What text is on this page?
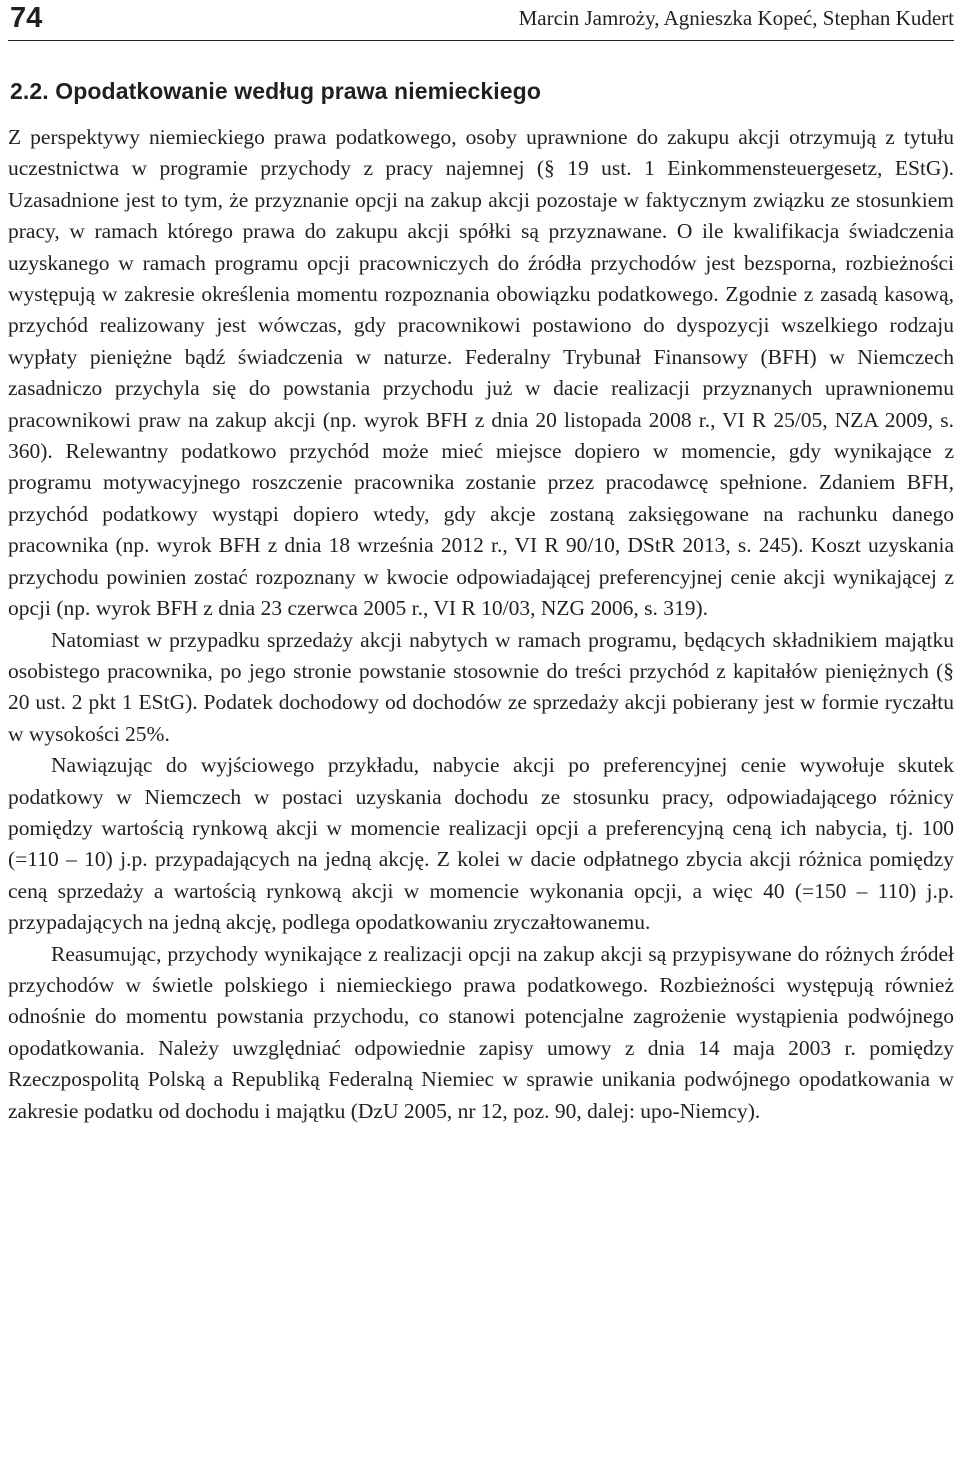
74	Marcin Jamroży, Agnieszka Kopeć, Stephan Kudert
2.2. Opodatkowanie według prawa niemieckiego

Z perspektywy niemieckiego prawa podatkowego, osoby uprawnione do zakupu akcji otrzymują z tytułu uczestnictwa w programie przychody z pracy najemnej (§ 19 ust. 1 Einkommensteuergesetz, EStG). Uzasadnione jest to tym, że przyznanie opcji na zakup akcji pozostaje w faktycznym związku ze stosunkiem pracy, w ramach którego prawa do zakupu akcji spółki są przyznawane. O ile kwalifikacja świadczenia uzyskanego w ramach programu opcji pracowniczych do źródła przychodów jest bezsporna, rozbieżności występują w zakresie określenia momentu rozpoznania obowiązku podatkowego. Zgodnie z zasadą kasową, przychód realizowany jest wówczas, gdy pracownikowi postawiono do dyspozycji wszelkiego rodzaju wypłaty pieniężne bądź świadczenia w naturze. Federalny Trybunał Finansowy (BFH) w Niemczech zasadniczo przychyla się do powstania przychodu już w dacie realizacji przyznanych uprawnionemu pracownikowi praw na zakup akcji (np. wyrok BFH z dnia 20 listopada 2008 r., VI R 25/05, NZA 2009, s. 360). Relewantny podatkowo przychód może mieć miejsce dopiero w momencie, gdy wynikające z programu motywacyjnego roszczenie pracownika zostanie przez pracodawcę spełnione. Zdaniem BFH, przychód podatkowy wystąpi dopiero wtedy, gdy akcje zostaną zaksięgowane na rachunku danego pracownika (np. wyrok BFH z dnia 18 września 2012 r., VI R 90/10, DStR 2013, s. 245). Koszt uzyskania przychodu powinien zostać rozpoznany w kwocie odpowiadającej preferencyjnej cenie akcji wynikającej z opcji (np. wyrok BFH z dnia 23 czerwca 2005 r., VI R 10/03, NZG 2006, s. 319).

Natomiast w przypadku sprzedaży akcji nabytych w ramach programu, będących składnikiem majątku osobistego pracownika, po jego stronie powstanie stosownie do treści przychód z kapitałów pieniężnych (§ 20 ust. 2 pkt 1 EStG). Podatek dochodowy od dochodów ze sprzedaży akcji pobierany jest w formie ryczałtu w wysokości 25%.

Nawiązując do wyjściowego przykładu, nabycie akcji po preferencyjnej cenie wywołuje skutek podatkowy w Niemczech w postaci uzyskania dochodu ze stosunku pracy, odpowiadającego różnicy pomiędzy wartością rynkową akcji w momencie realizacji opcji a preferencyjną ceną ich nabycia, tj. 100 (=110 – 10) j.p. przypadających na jedną akcję. Z kolei w dacie odpłatnego zbycia akcji różnica pomiędzy ceną sprzedaży a wartością rynkową akcji w momencie wykonania opcji, a więc 40 (=150 – 110) j.p. przypadających na jedną akcję, podlega opodatkowaniu zryczałtowanemu.

Reasumując, przychody wynikające z realizacji opcji na zakup akcji są przypisywane do różnych źródeł przychodów w świetle polskiego i niemieckiego prawa podatkowego. Rozbieżności występują również odnośnie do momentu powstania przychodu, co stanowi potencjalne zagrożenie wystąpienia podwójnego opodatkowania. Należy uwzględniać odpowiednie zapisy umowy z dnia 14 maja 2003 r. pomiędzy Rzeczpospolitą Polską a Republiką Federalną Niemiec w sprawie unikania podwójnego opodatkowania w zakresie podatku od dochodu i majątku (DzU 2005, nr 12, poz. 90, dalej: upo-Niemcy).
